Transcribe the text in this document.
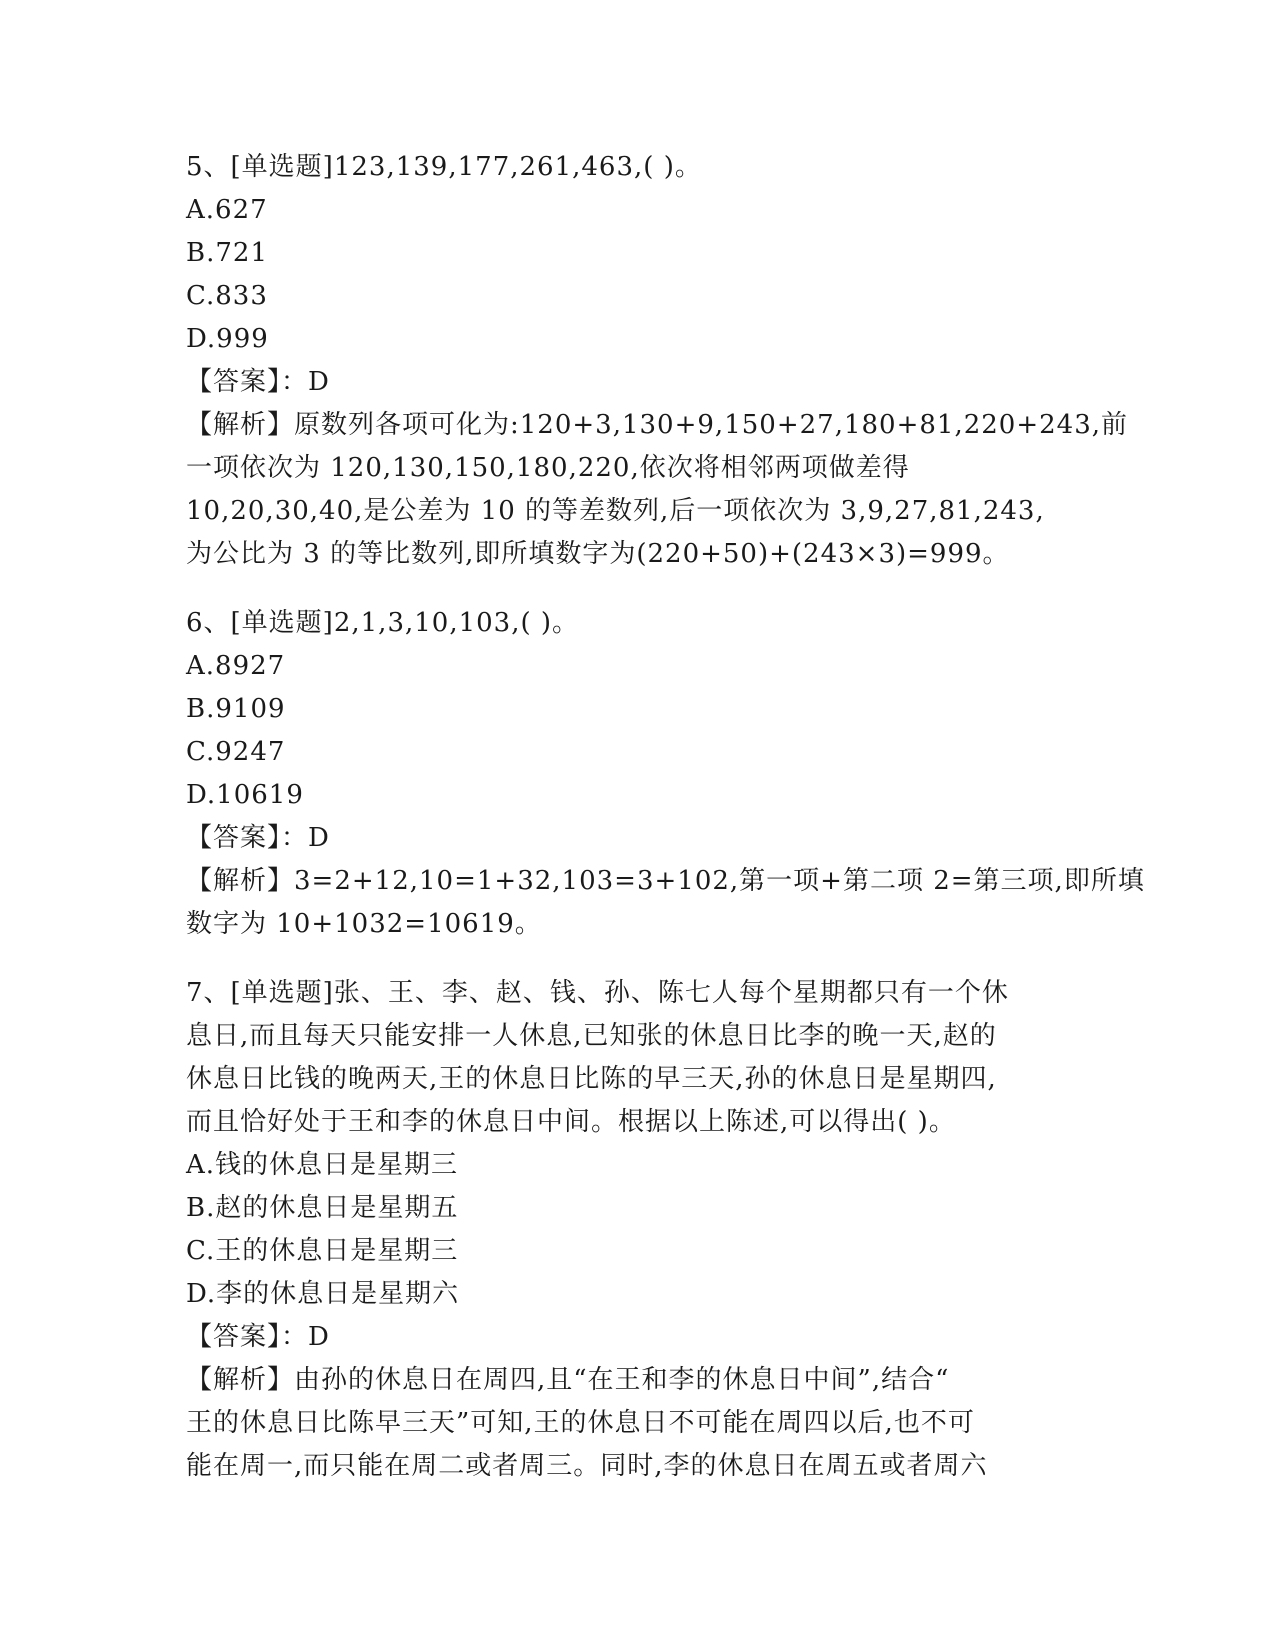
5、[单选题]123,139,177,261,463,( )。
A.627
B.721
C.833
D.999
【答案】：D
【解析】原数列各项可化为:120+3,130+9,150+27,180+81,220+243,前
一项依次为 120,130,150,180,220,依次将相邻两项做差得
10,20,30,40,是公差为 10 的等差数列,后一项依次为 3,9,27,81,243,
为公比为 3 的等比数列,即所填数字为(220+50)+(243×3)=999。
6、[单选题]2,1,3,10,103,( )。
A.8927
B.9109
C.9247
D.10619
【答案】：D
【解析】3=2+12,10=1+32,103=3+102,第一项+第二项 2=第三项,即所填
数字为 10+1032=10619。
7、[单选题]张、王、李、赵、钱、孙、陈七人每个星期都只有一个休
息日,而且每天只能安排一人休息,已知张的休息日比李的晚一天,赵的
休息日比钱的晚两天,王的休息日比陈的早三天,孙的休息日是星期四,
而且恰好处于王和李的休息日中间。根据以上陈述,可以得出( )。
A.钱的休息日是星期三
B.赵的休息日是星期五
C.王的休息日是星期三
D.李的休息日是星期六
【答案】：D
【解析】由孙的休息日在周四,且“在王和李的休息日中间”,结合“
王的休息日比陈早三天”可知,王的休息日不可能在周四以后,也不可
能在周一,而只能在周二或者周三。同时,李的休息日在周五或者周六
